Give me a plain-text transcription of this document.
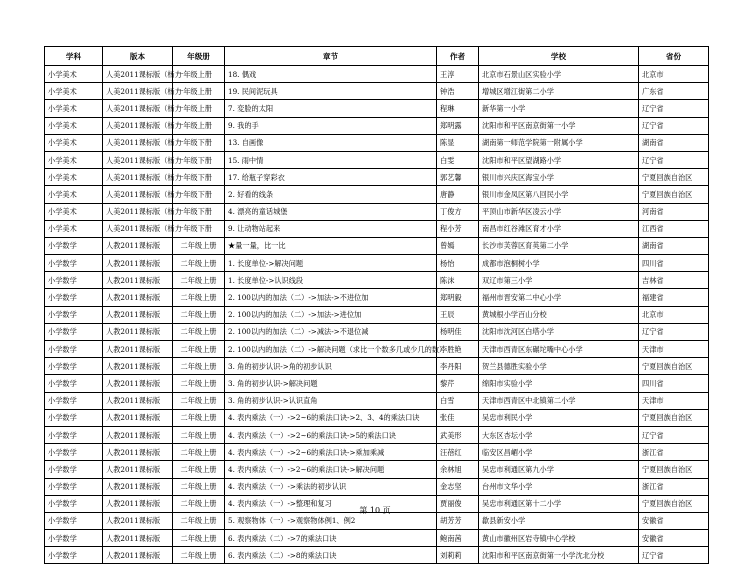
学科	版本	年级册	章节	作者	学校	省份
小学美术	人美2011课标版（杨力	一年级上册	18. 偶戏	王淳	北京市石景山区实验小学	北京市
小学美术	人美2011课标版（杨力	一年级上册	19. 民间泥玩具	钟浩	增城区增江街第二小学	广东省
小学美术	人美2011课标版（杨力	一年级上册	7. 変脸的太阳	程琳	新华第一小学	辽宁省
小学美术	人美2011课标版（杨力	一年级上册	9. 我的手	郑明露	沈阳市和平区南京街第一小学	辽宁省
小学美术	人美2011课标版（杨力	一年级下册	13. 自画像	陈显	湖南第一师范学院第一附属小学	湖南省
小学美术	人美2011课标版（杨力	一年级下册	15. 雨中情	白雯	沈阳市和平区望湖路小学	辽宁省
小学美术	人美2011课标版（杨力	一年级下册	17. 给瓶子穿彩衣	郭艺馨	银川市兴庆区海宝小学	宁夏回族自治区
小学美术	人美2011课标版（杨力	一年级下册	2. 好看的线条	唐静	银川市金凤区第八回民小学	宁夏回族自治区
小学美术	人美2011课标版（杨力	一年级下册	4. 漂亮的童话城堡	丁俊方	平顶山市新华区凌云小学	河南省
小学美术	人美2011课标版（杨力	一年级下册	9. 让动物站起来	程小芳	南昌市红谷滩区育才小学	江西省
小学数学	人教2011课标版	二年级上册	★量一量，比一比	曾嫣	长沙市芙蓉区育英第二小学	湖南省
小学数学	人教2011课标版	二年级上册	1. 长度单位->解决问题	杨怡	成都市泡桐树小学	四川省
小学数学	人教2011课标版	二年级上册	1. 长度单位->认识线段	陈沫	双辽市第三小学	吉林省
小学数学	人教2011课标版	二年级上册	2. 100以内的加法（二）->加法->不进位加	郑明毅	福州市晋安第二中心小学	福建省
小学数学	人教2011课标版	二年级上册	2. 100以内的加法（二）->加法->进位加	王辰	黄城根小学百山分校	北京市
小学数学	人教2011课标版	二年级上册	2. 100以内的加法（二）->减法->不退位减	杨明佳	沈阳市沈河区白塔小学	辽宁省
小学数学	人教2011课标版	二年级上册	2. 100以内的加法（二）->解决问题（求比一个数多几或少几的数）	李胜艳	天津市西青区东碾坨嘴中心小学	天津市
小学数学	人教2011课标版	二年级上册	3. 角的初步认识->角的初步认识	李丹阳	贺兰县德胜实验小学	宁夏回族自治区
小学数学	人教2011课标版	二年级上册	3. 角的初步认识->解决问题	黎芹	绵阳市实验小学	四川省
小学数学	人教2011课标版	二年级上册	3. 角的初步认识->认识直角	白雪	天津市西青区中北镇第二小学	天津市
小学数学	人教2011课标版	二年级上册	4. 表内乘法（一）->2~6的乘法口诀->2、3、4的乘法口诀	张佳	吴忠市利民小学	宁夏回族自治区
小学数学	人教2011课标版	二年级上册	4. 表内乘法（一）->2~6的乘法口诀->5的乘法口诀	武美形	大东区杏坛小学	辽宁省
小学数学	人教2011课标版	二年级上册	4. 表内乘法（一）->2~6的乘法口诀->乘加乘减	汪蓓红	临安区昌嵋小学	浙江省
小学数学	人教2011课标版	二年级上册	4. 表内乘法（一）->2~6的乘法口诀->解决问题	余林旭	吴忠市利通区第九小学	宁夏回族自治区
小学数学	人教2011课标版	二年级上册	4. 表内乘法（一）->乘法的初步认识	金志坚	台州市文华小学	浙江省
小学数学	人教2011课标版	二年级上册	4. 表内乘法（一）->整理和复习	贾丽俊	吴忠市利通区第十二小学	宁夏回族自治区
小学数学	人教2011课标版	二年级上册	5. 观察物体（一）->观察物体例1、例2	胡芳芳	歙县新安小学	安徽省
小学数学	人教2011课标版	二年级上册	6. 表内乘法（二）->7的乘法口诀	鲍南茜	黄山市徽州区岩寺镇中心学校	安徽省
小学数学	人教2011课标版	二年级上册	6. 表内乘法（二）->8的乘法口诀	刘莉莉	沈阳市和平区南京街第一小学沈北分校	辽宁省
第 10 页
